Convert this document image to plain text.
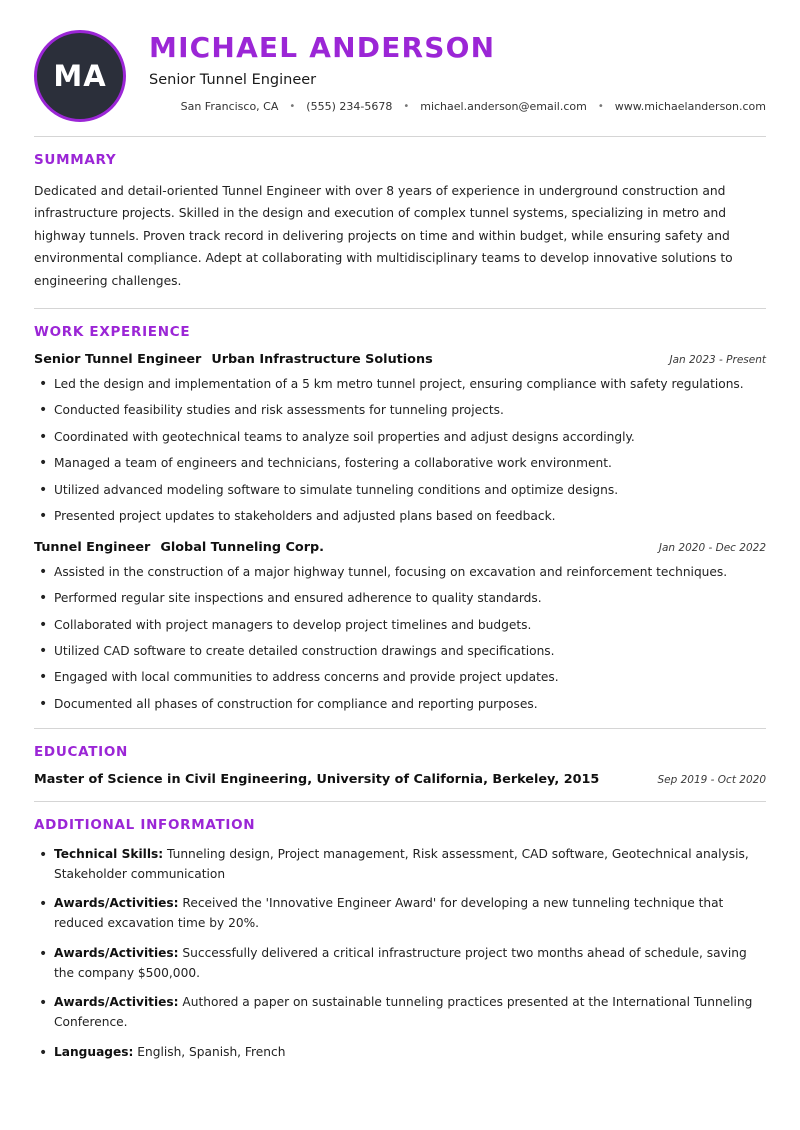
MA
MICHAEL ANDERSON
Senior Tunnel Engineer
San Francisco, CA	•	(555) 234-5678	•	michael.anderson@email.com	•	www.michaelanderson.com
SUMMARY

Dedicated and detail-oriented Tunnel Engineer with over 8 years of experience in underground construction and infrastructure projects. Skilled in the design and execution of complex tunnel systems, specializing in metro and highway tunnels. Proven track record in delivering projects on time and within budget, while ensuring safety and environmental compliance. Adept at collaborating with multidisciplinary teams to develop innovative solutions to engineering challenges.

WORK EXPERIENCE
Senior Tunnel Engineer Urban Infrastructure Solutions	Jan 2023 - Present
• Led the design and implementation of a 5 km metro tunnel project, ensuring compliance with safety regulations.
• Conducted feasibility studies and risk assessments for tunneling projects.
• Coordinated with geotechnical teams to analyze soil properties and adjust designs accordingly.
• Managed a team of engineers and technicians, fostering a collaborative work environment.
• Utilized advanced modeling software to simulate tunneling conditions and optimize designs.
• Presented project updates to stakeholders and adjusted plans based on feedback.
Tunnel Engineer Global Tunneling Corp.	Jan 2020 - Dec 2022
• Assisted in the construction of a major highway tunnel, focusing on excavation and reinforcement techniques.
• Performed regular site inspections and ensured adherence to quality standards.
• Collaborated with project managers to develop project timelines and budgets.
• Utilized CAD software to create detailed construction drawings and specifications.
• Engaged with local communities to address concerns and provide project updates.
• Documented all phases of construction for compliance and reporting purposes.
EDUCATION
Master of Science in Civil Engineering, University of California, Berkeley, 2015	Sep 2019 - Oct 2020
ADDITIONAL INFORMATION
• Technical Skills: Tunneling design, Project management, Risk assessment, CAD software, Geotechnical analysis, Stakeholder communication
• Awards/Activities: Received the 'Innovative Engineer Award' for developing a new tunneling technique that reduced excavation time by 20%.
• Awards/Activities: Successfully delivered a critical infrastructure project two months ahead of schedule, saving the company $500,000.
• Awards/Activities: Authored a paper on sustainable tunneling practices presented at the International Tunneling Conference.
• Languages: English, Spanish, French
